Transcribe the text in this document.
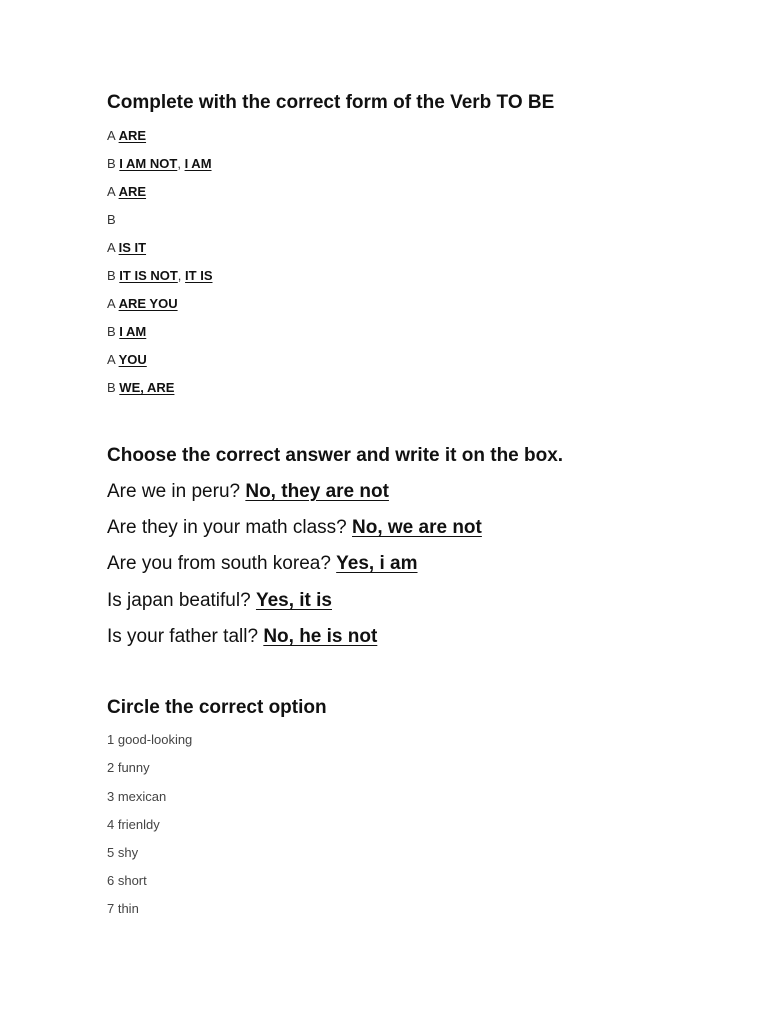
Complete with the correct form of the Verb TO BE
A ARE
B I AM NOT, I AM
A ARE
B
A IS IT
B IT IS NOT, IT IS
A ARE YOU
B I AM
A YOU
B WE, ARE
Choose the correct answer and write it on the box.
Are we in peru? No, they are not
Are they in your math class? No, we are not
Are you from south korea? Yes, i am
Is japan beatiful? Yes, it is
Is your father tall? No, he is not
Circle the correct option
1 good-looking
2 funny
3 mexican
4 frienldy
5 shy
6 short
7 thin
